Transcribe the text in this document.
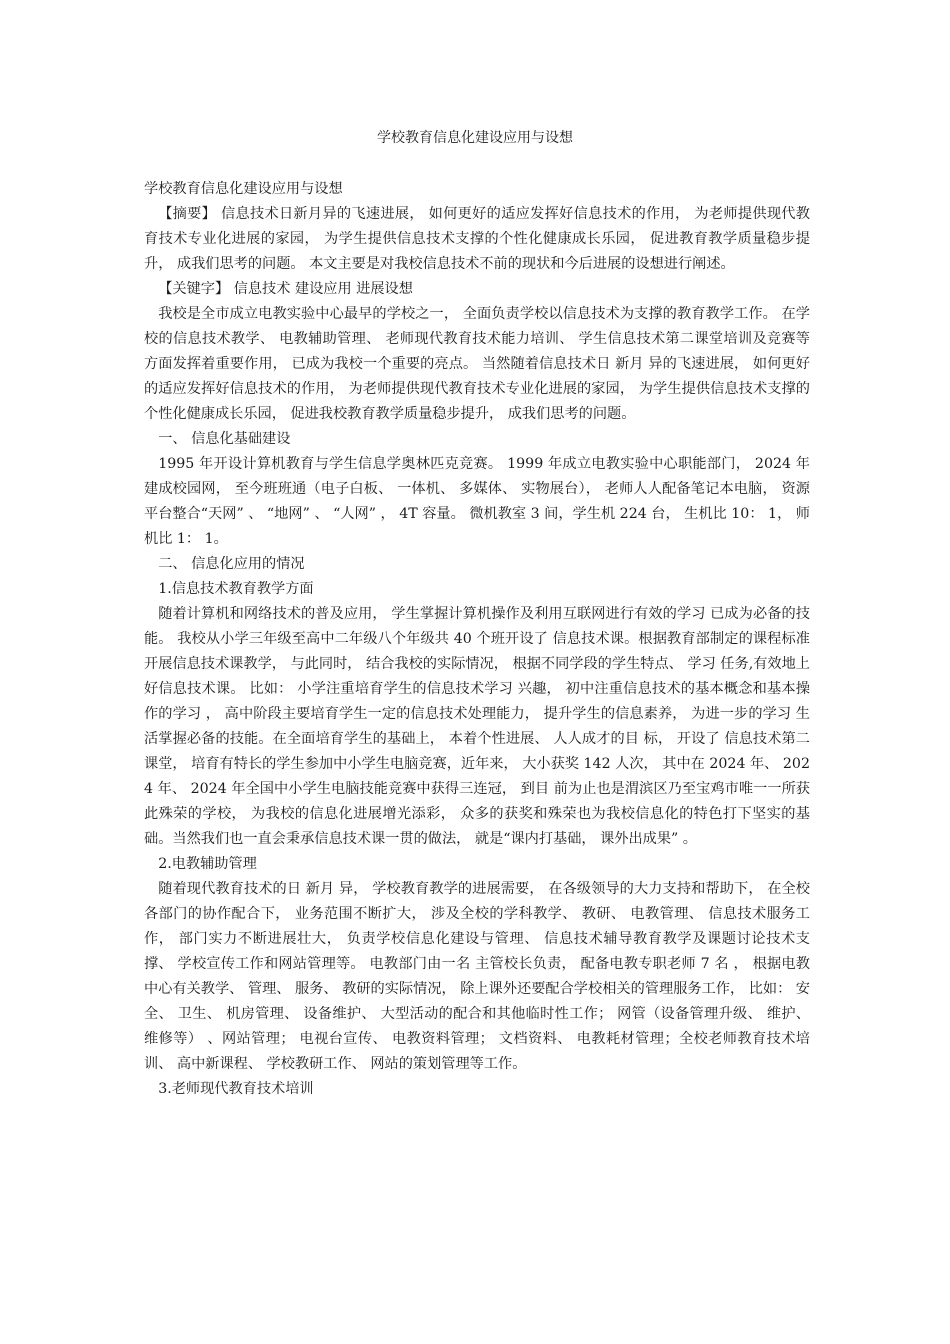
学校教育信息化建设应用与设想

学校教育信息化建设应用与设想

【摘要】 信息技术日新月异的飞速进展， 如何更好的适应发挥好信息技术的作用， 为老师提供现代教育技术专业化进展的家园， 为学生提供信息技术支撑的个性化健康成长乐园， 促进教育教学质量稳步提升， 成我们思考的问题。 本文主要是对我校信息技术不前的现状和今后进展的设想进行阐述。

【关键字】 信息技术 建设应用 进展设想

我校是全市成立电教实验中心最早的学校之一， 全面负责学校以信息技术为支撑的教育教学工作。 在学校的信息技术教学、 电教辅助管理、 老师现代教育技术能力培训、 学生信息技术第二课堂培训及竞赛等方面发挥着重要作用， 已成为我校一个重要的亮点。 当然随着信息技术日 新月 异的飞速进展， 如何更好的适应发挥好信息技术的作用， 为老师提供现代教育技术专业化进展的家园， 为学生提供信息技术支撑的个性化健康成长乐园， 促进我校教育教学质量稳步提升， 成我们思考的问题。

一、 信息化基础建设

1995 年开设计算机教育与学生信息学奥林匹克竞赛。 1999 年成立电教实验中心职能部门， 2024 年建成校园网， 至今班班通（电子白板、 一体机、 多媒体、 实物展台）， 老师人人配备笔记本电脑， 资源平台整合“天网” 、 “地网” 、 “人网” ， 4T 容量。 微机教室 3 间，学生机 224 台， 生机比 10： 1， 师机比 1： 1。

二、 信息化应用的情况

1.信息技术教育教学方面

随着计算机和网络技术的普及应用， 学生掌握计算机操作及利用互联网进行有效的学习 已成为必备的技能。 我校从小学三年级至高中二年级八个年级共 40 个班开设了 信息技术课。根据教育部制定的课程标准开展信息技术课教学， 与此同时， 结合我校的实际情况， 根据不同学段的学生特点、 学习 任务,有效地上好信息技术课。 比如： 小学注重培育学生的信息技术学习 兴趣， 初中注重信息技术的基本概念和基本操作的学习 ， 高中阶段主要培育学生一定的信息技术处理能力， 提升学生的信息素养， 为进一步的学习 生活掌握必备的技能。在全面培育学生的基础上， 本着个性进展、 人人成才的目 标， 开设了 信息技术第二课堂， 培育有特长的学生参加中小学生电脑竞赛，近年来， 大小获奖 142 人次， 其中在 2024 年、 2024 年、 2024 年全国中小学生电脑技能竞赛中获得三连冠， 到目 前为止也是渭滨区乃至宝鸡市唯一一所获此殊荣的学校， 为我校的信息化进展增光添彩， 众多的获奖和殊荣也为我校信息化的特色打下坚实的基础。当然我们也一直会秉承信息技术课一贯的做法， 就是“课内打基础， 课外出成果” 。

2.电教辅助管理

随着现代教育技术的日 新月 异， 学校教育教学的进展需要， 在各级领导的大力支持和帮助下， 在全校各部门的协作配合下， 业务范围不断扩大， 涉及全校的学科教学、 教研、 电教管理、 信息技术服务工作， 部门实力不断进展壮大， 负责学校信息化建设与管理、 信息技术辅导教育教学及课题讨论技术支撑、 学校宣传工作和网站管理等。 电教部门由一名 主管校长负责， 配备电教专职老师 7 名 ， 根据电教中心有关教学、 管理、 服务、 教研的实际情况， 除上课外还要配合学校相关的管理服务工作， 比如： 安全、 卫生、 机房管理、 设备维护、 大型活动的配合和其他临时性工作； 网管（设备管理升级、 维护、 维修等） 、网站管理； 电视台宣传、 电教资料管理； 文档资料、 电教耗材管理；全校老师教育技术培训、 高中新课程、 学校教研工作、 网站的策划管理等工作。

3.老师现代教育技术培训
